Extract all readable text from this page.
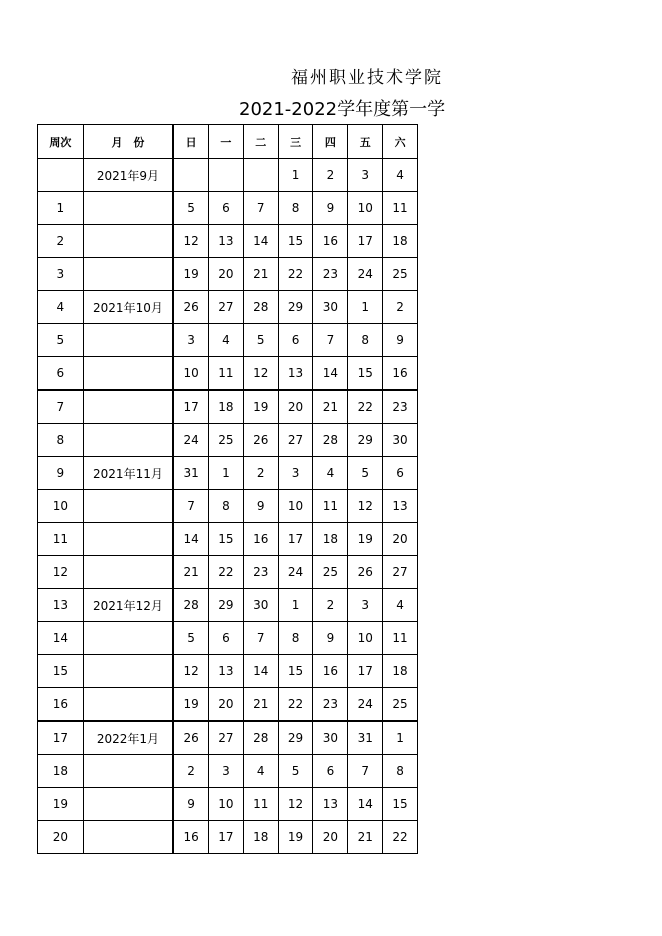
福州职业技术学院
2021-2022学年度第一学
周次	月　份	日	一	二	三	四	五	六
	2021年9月				1	2	3	4
1		5	6	7	8	9	10	11
2		12	13	14	15	16	17	18
3		19	20	21	22	23	24	25
4	2021年10月	26	27	28	29	30	1	2
5		3	4	5	6	7	8	9
6		10	11	12	13	14	15	16
7		17	18	19	20	21	22	23
8		24	25	26	27	28	29	30
9	2021年11月	31	1	2	3	4	5	6
10		7	8	9	10	11	12	13
11		14	15	16	17	18	19	20
12		21	22	23	24	25	26	27
13	2021年12月	28	29	30	1	2	3	4
14		5	6	7	8	9	10	11
15		12	13	14	15	16	17	18
16		19	20	21	22	23	24	25
17	2022年1月	26	27	28	29	30	31	1
18		2	3	4	5	6	7	8
19		9	10	11	12	13	14	15
20		16	17	18	19	20	21	22
